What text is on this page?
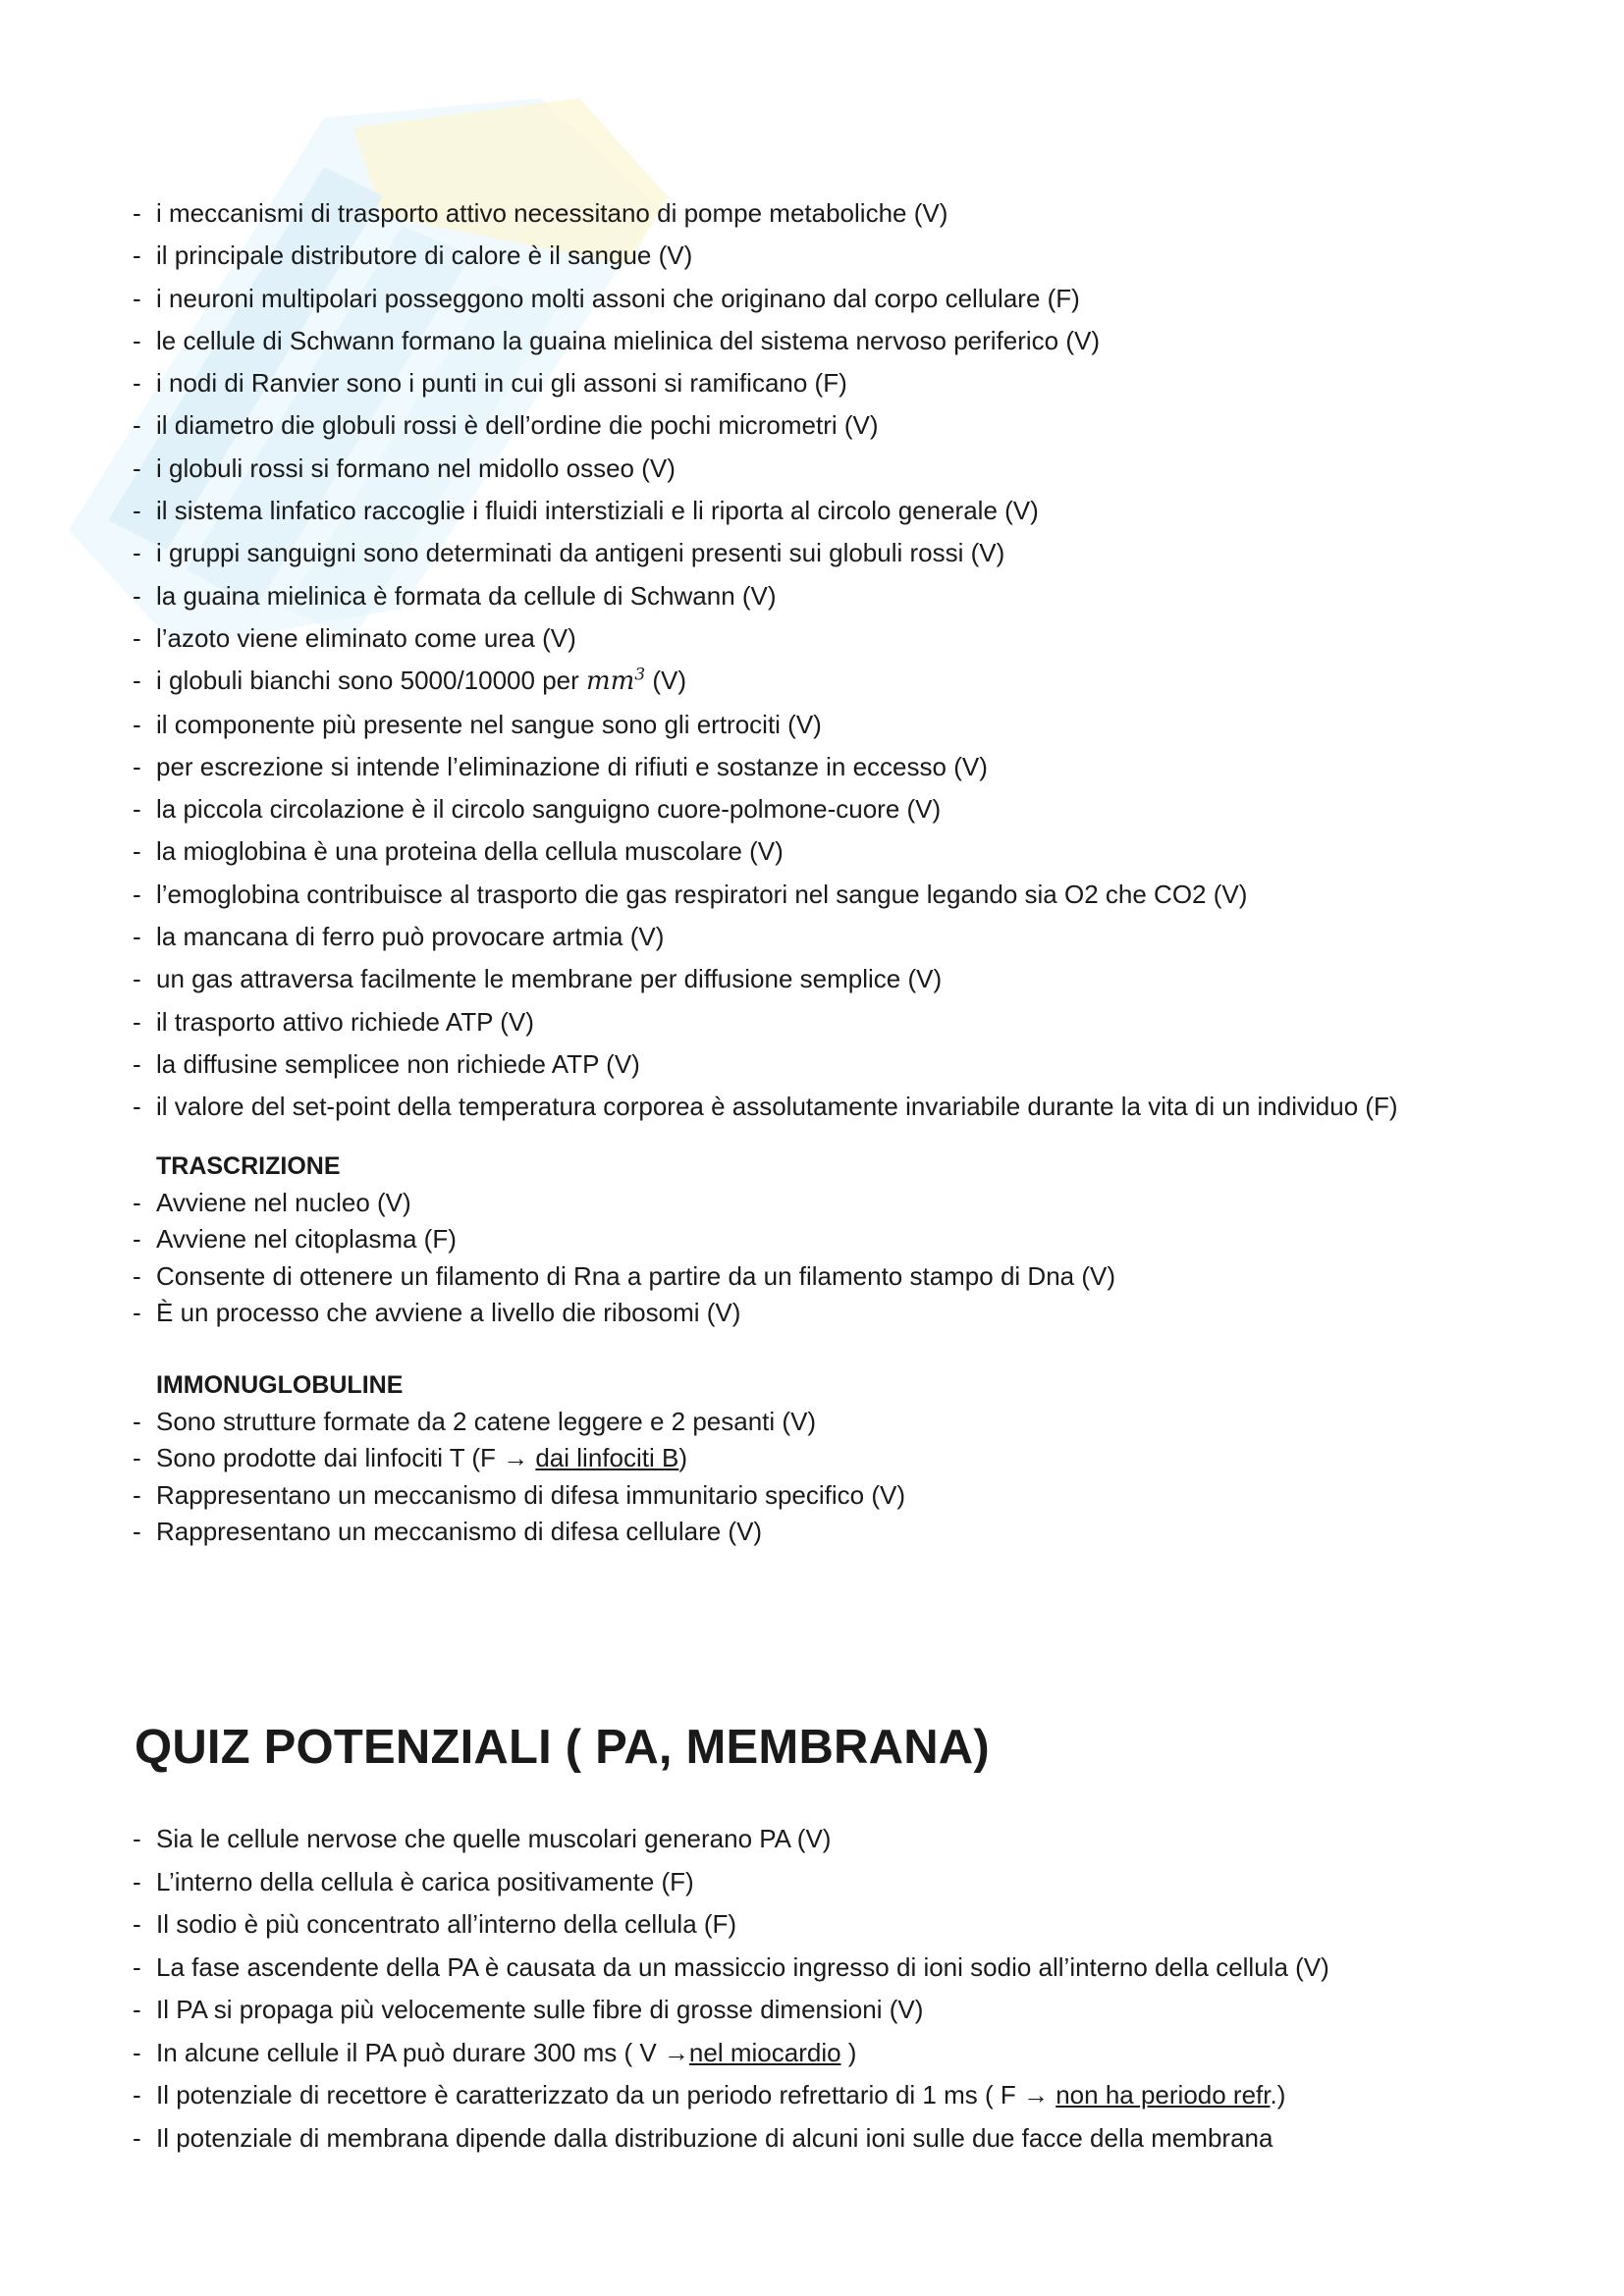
- i meccanismi di trasporto attivo necessitano di pompe metaboliche (V)
- il principale distributore di calore è il sangue (V)
- i neuroni multipolari posseggono molti assoni che originano dal corpo cellulare (F)
- le cellule di Schwann formano la guaina mielinica del sistema nervoso periferico (V)
- i nodi di Ranvier sono i punti in cui gli assoni si ramificano (F)
- il diametro die globuli rossi è dell’ordine die pochi micrometri (V)
- i globuli rossi si formano nel midollo osseo (V)
- il sistema linfatico raccoglie i fluidi interstiziali e li riporta al circolo generale (V)
- i gruppi sanguigni sono determinati da antigeni presenti sui globuli rossi (V)
- la guaina mielinica è formata da cellule di Schwann (V)
- l’azoto viene eliminato come urea (V)
- i globuli bianchi sono 5000/10000 per $mm^3$ (V)
- il componente più presente nel sangue sono gli ertrociti (V)
- per escrezione si intende l’eliminazione di rifiuti e sostanze in eccesso (V)
- la piccola circolazione è il circolo sanguigno cuore-polmone-cuore (V)
- la mioglobina è una proteina della cellula muscolare (V)
- l’emoglobina contribuisce al trasporto die gas respiratori nel sangue legando sia O2 che CO2 (V)
- la mancana di ferro può provocare artmia (V)
- un gas attraversa facilmente le membrane per diffusione semplice (V)
- il trasporto attivo richiede ATP (V)
- la diffusine semplicee non richiede ATP (V)
- il valore del set-point della temperatura corporea è assolutamente invariabile durante la vita di un individuo (F)

TRASCRIZIONE

- Avviene nel nucleo (V)
- Avviene nel citoplasma (F)
- Consente di ottenere un filamento di Rna a partire da un filamento stampo di Dna (V)
- È un processo che avviene a livello die ribosomi (V)

IMMONUGLOBULINE

- Sono strutture formate da 2 catene leggere e 2 pesanti (V)
- Sono prodotte dai linfociti T (F → dai linfociti B)
- Rappresentano un meccanismo di difesa immunitario specifico (V)
- Rappresentano un meccanismo di difesa cellulare (V)
QUIZ POTENZIALI ( PA, MEMBRANA)
- Sia le cellule nervose che quelle muscolari generano PA (V)
- L’interno della cellula è carica positivamente (F)
- Il sodio è più concentrato all’interno della cellula (F)
- La fase ascendente della PA è causata da un massiccio ingresso di ioni sodio all’interno della cellula (V)
- Il PA si propaga più velocemente sulle fibre di grosse dimensioni (V)
- In alcune cellule il PA può durare 300 ms ( V →nel miocardio )
- Il potenziale di recettore è caratterizzato da un periodo refrettario di 1 ms ( F → non ha periodo refr.)
- Il potenziale di membrana dipende dalla distribuzione di alcuni ioni sulle due facce della membrana
